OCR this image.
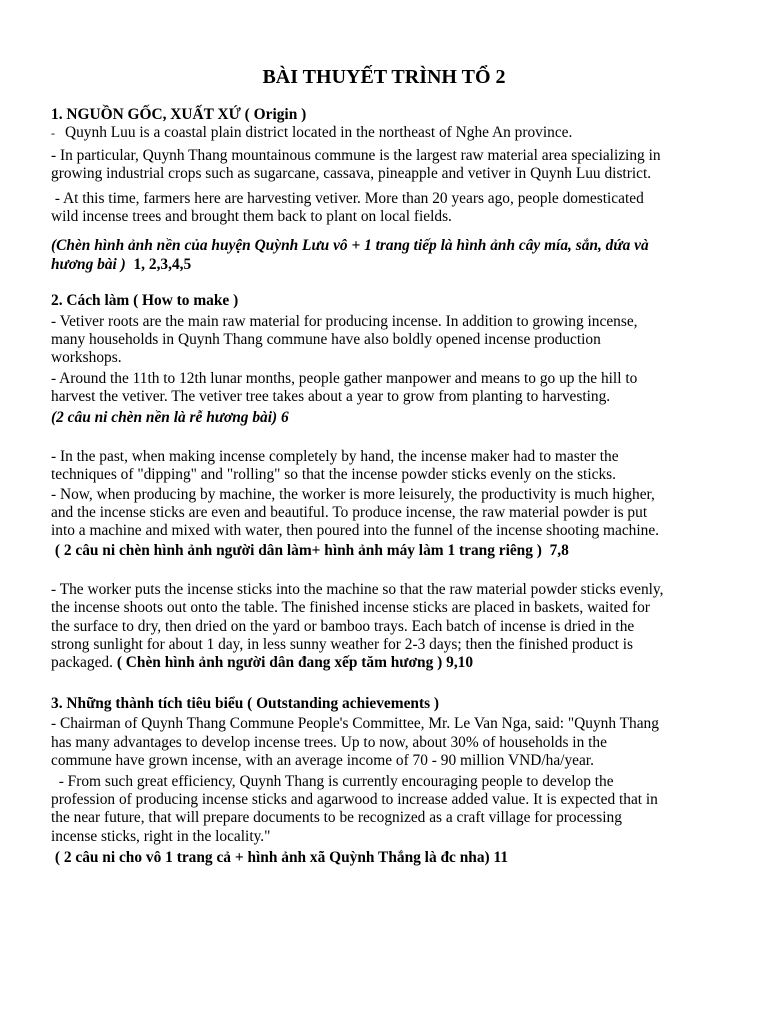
BÀI THUYẾT TRÌNH TỔ 2
1. NGUỒN GỐC, XUẤT XỨ ( Origin )
- Quynh Luu is a coastal plain district located in the northeast of Nghe An province.
- In particular, Quynh Thang mountainous commune is the largest raw material area specializing in
growing industrial crops such as sugarcane, cassava, pineapple and vetiver in Quynh Luu district.
- At this time, farmers here are harvesting vetiver. More than 20 years ago, people domesticated
wild incense trees and brought them back to plant on local fields.
(Chèn hình ảnh nền của huyện Quỳnh Lưu vô + 1 trang tiếp là hình ảnh cây mía, sắn, dứa và
hương bài )  1, 2,3,4,5
2. Cách làm ( How to make )
- Vetiver roots are the main raw material for producing incense. In addition to growing incense,
many households in Quynh Thang commune have also boldly opened incense production
workshops.
- Around the 11th to 12th lunar months, people gather manpower and means to go up the hill to
harvest the vetiver. The vetiver tree takes about a year to grow from planting to harvesting.
(2 câu ni chèn nền là rễ hương bài) 6
- In the past, when making incense completely by hand, the incense maker had to master the
techniques of "dipping" and "rolling" so that the incense powder sticks evenly on the sticks.
- Now, when producing by machine, the worker is more leisurely, the productivity is much higher,
and the incense sticks are even and beautiful. To produce incense, the raw material powder is put
into a machine and mixed with water, then poured into the funnel of the incense shooting machine.
( 2 câu ni chèn hình ảnh người dân làm+ hình ảnh máy làm 1 trang riêng )  7,8
- The worker puts the incense sticks into the machine so that the raw material powder sticks evenly,
the incense shoots out onto the table. The finished incense sticks are placed in baskets, waited for
the surface to dry, then dried on the yard or bamboo trays. Each batch of incense is dried in the
strong sunlight for about 1 day, in less sunny weather for 2-3 days; then the finished product is
packaged. ( Chèn hình ảnh người dân đang xếp tăm hương ) 9,10
3. Những thành tích tiêu biểu ( Outstanding achievements )
- Chairman of Quynh Thang Commune People's Committee, Mr. Le Van Nga, said: "Quynh Thang
has many advantages to develop incense trees. Up to now, about 30% of households in the
commune have grown incense, with an average income of 70 - 90 million VND/ha/year.
- From such great efficiency, Quynh Thang is currently encouraging people to develop the
profession of producing incense sticks and agarwood to increase added value. It is expected that in
the near future, that will prepare documents to be recognized as a craft village for processing
incense sticks, right in the locality."
( 2 câu ni cho vô 1 trang cả + hình ảnh xã Quỳnh Thắng là đc nha) 11
